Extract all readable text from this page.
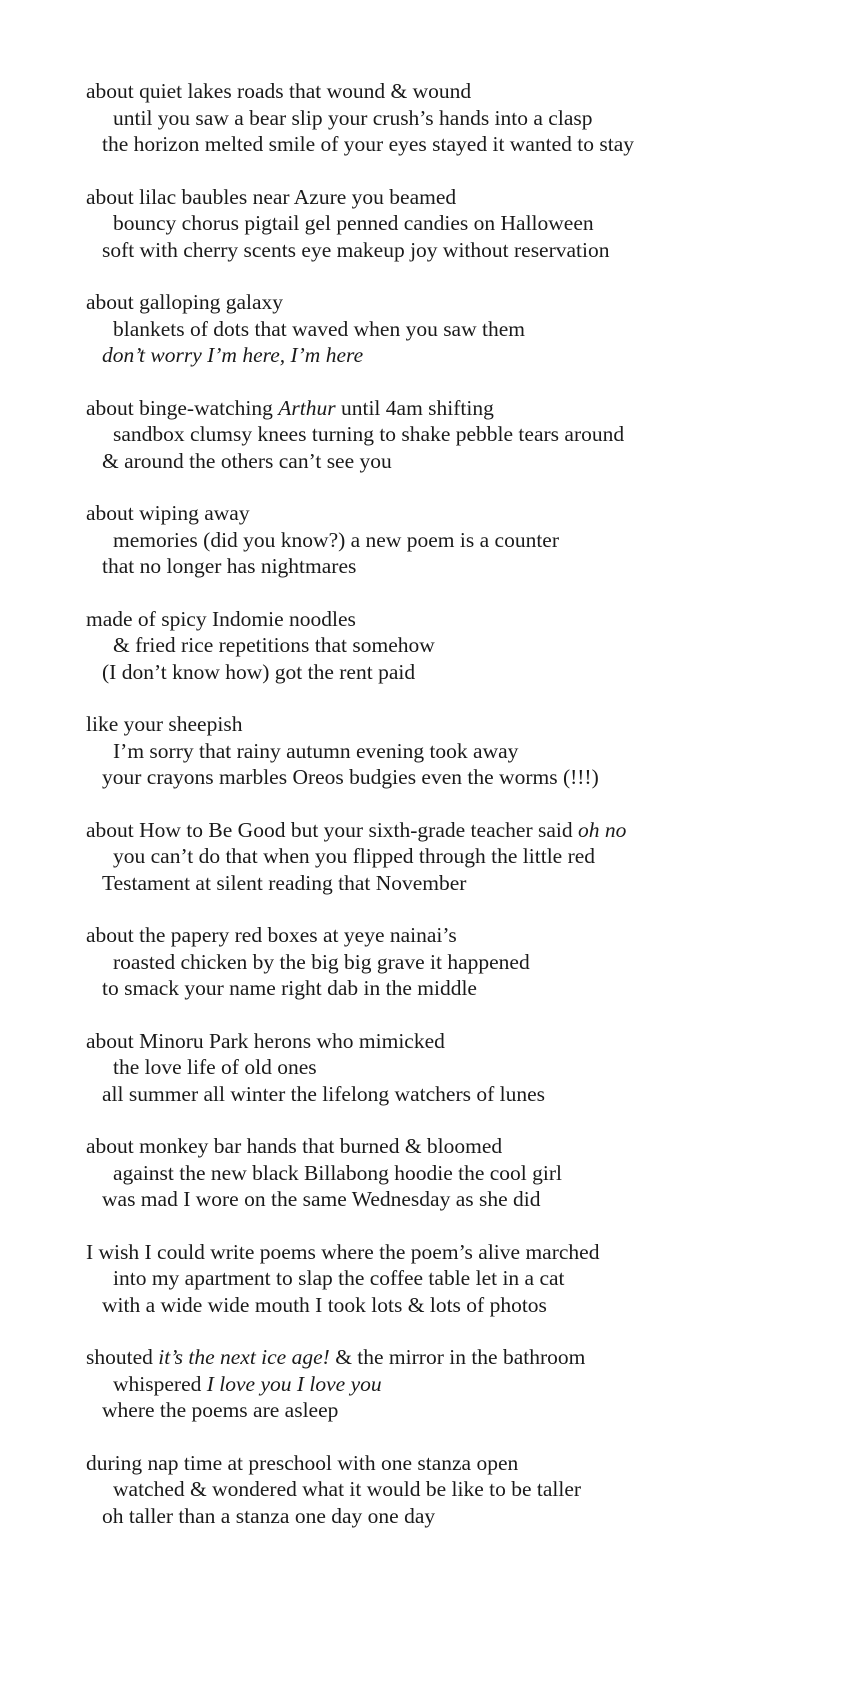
about quiet lakes roads that wound & wound
until you saw a bear slip your crush’s hands into a clasp
the horizon melted smile of your eyes stayed it wanted to stay
about lilac baubles near Azure you beamed
bouncy chorus pigtail gel penned candies on Halloween
soft with cherry scents eye makeup joy without reservation
about galloping galaxy
blankets of dots that waved when you saw them
don’t worry I’m here, I’m here
about binge-watching Arthur until 4am shifting
sandbox clumsy knees turning to shake pebble tears around
& around the others can’t see you
about wiping away
memories (did you know?) a new poem is a counter
that no longer has nightmares
made of spicy Indomie noodles
& fried rice repetitions that somehow
(I don’t know how) got the rent paid
like your sheepish
I’m sorry that rainy autumn evening took away
your crayons marbles Oreos budgies even the worms (!!!)
about How to Be Good but your sixth-grade teacher said oh no
you can’t do that when you flipped through the little red
Testament at silent reading that November
about the papery red boxes at yeye nainai’s
roasted chicken by the big big grave it happened
to smack your name right dab in the middle
about Minoru Park herons who mimicked
the love life of old ones
all summer all winter the lifelong watchers of lunes
about monkey bar hands that burned & bloomed
against the new black Billabong hoodie the cool girl
was mad I wore on the same Wednesday as she did
I wish I could write poems where the poem’s alive marched
into my apartment to slap the coffee table let in a cat
with a wide wide mouth I took lots & lots of photos
shouted it’s the next ice age! & the mirror in the bathroom
whispered I love you I love you
where the poems are asleep
during nap time at preschool with one stanza open
watched & wondered what it would be like to be taller
oh taller than a stanza one day one day
